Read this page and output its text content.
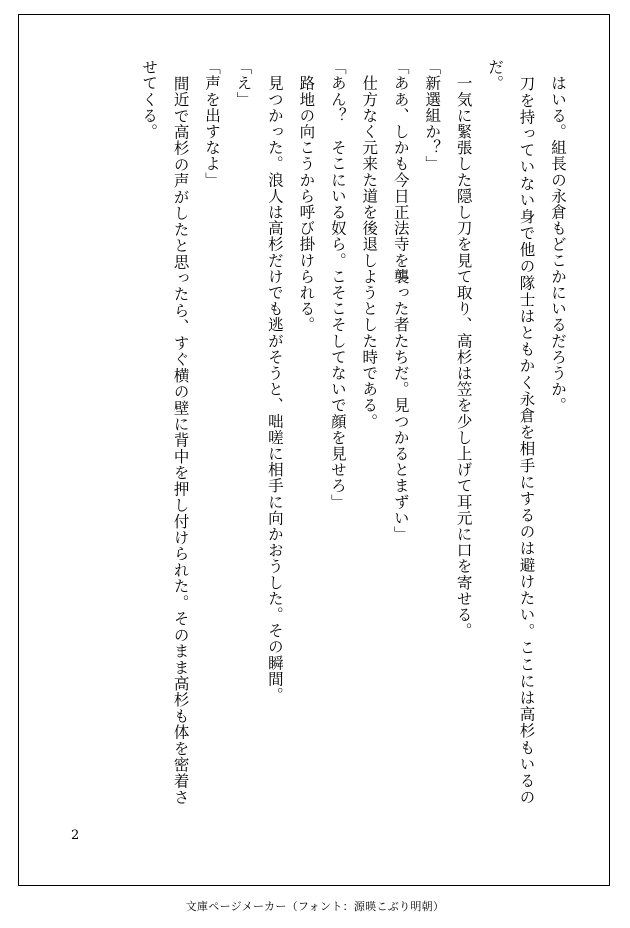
　はいる。組長の永倉もどこかにいるだろうか。

　刀を持っていない身で他の隊士はともかく永倉を相手にするのは避けたい。ここには高杉もいるのだ。

　一気に緊張した隠し刀を見て取り、高杉は笠を少し上げて耳元に口を寄せる。

「新選組か？」

「ああ、しかも今日正法寺を襲った者たちだ。見つかるとまずい」

　仕方なく元来た道を後退しようとした時である。

「あん？　そこにいる奴ら。こそこそしてないで顔を見せろ」

　路地の向こうから呼び掛けられる。

　見つかった。浪人は高杉だけでも逃がそうと、咄嗟に相手に向かおうした。その瞬間。

「え」

「声を出すなよ」

　間近で高杉の声がしたと思ったら、すぐ横の壁に背中を押し付けられた。そのまま高杉も体を密着させてくる。

2
文庫ページメーカー（フォント：源暎こぶり明朝）
